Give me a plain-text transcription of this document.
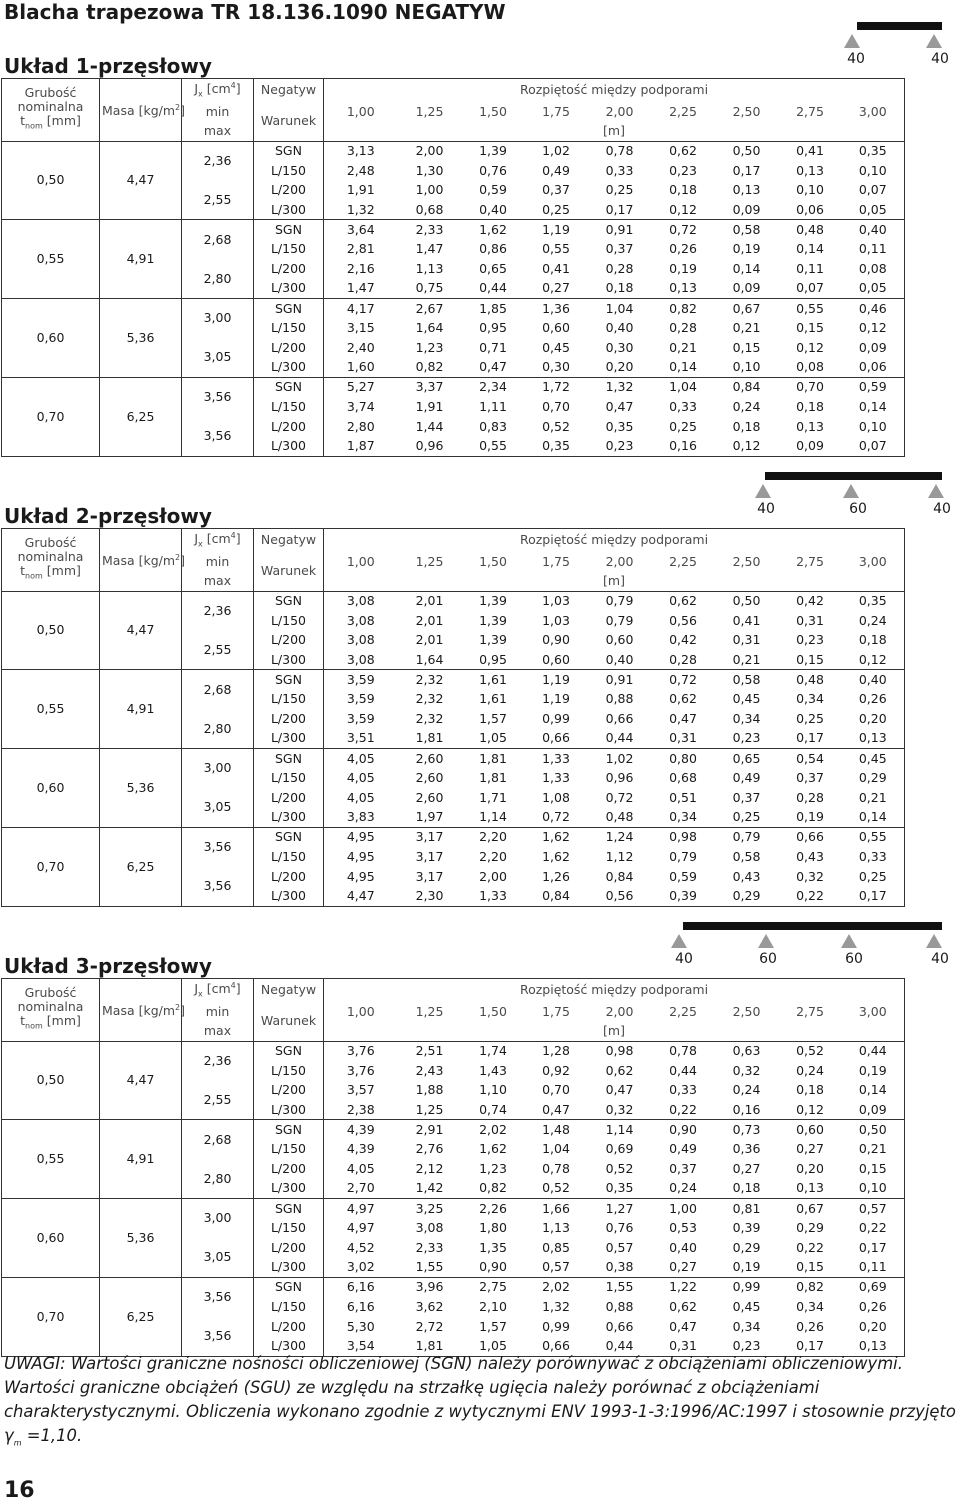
Blacha trapezowa TR 18.136.1090 NEGATYW
Układ 1-przęsłowy	40	40
Grubość
nominalna
$t_{nom}$ [mm]	Masa $[kg/m^2]$	$J_x$ $[cm^4]$	Negatyw	Rozpiętość między podporami								
		min	Warunek	1,00	1,25	1,50	1,75	2,00	2,25	2,50	2,75	3,00
		max		[m]								
0,50	4,47	2,36	SGN	3,13	2,00	1,39	1,02	0,78	0,62	0,50	0,41	0,35
			L/150	2,48	1,30	0,76	0,49	0,33	0,23	0,17	0,13	0,10
		2,55	L/200	1,91	1,00	0,59	0,37	0,25	0,18	0,13	0,10	0,07
			L/300	1,32	0,68	0,40	0,25	0,17	0,12	0,09	0,06	0,05
0,55	4,91	2,68	SGN	3,64	2,33	1,62	1,19	0,91	0,72	0,58	0,48	0,40
			L/150	2,81	1,47	0,86	0,55	0,37	0,26	0,19	0,14	0,11
		2,80	L/200	2,16	1,13	0,65	0,41	0,28	0,19	0,14	0,11	0,08
			L/300	1,47	0,75	0,44	0,27	0,18	0,13	0,09	0,07	0,05
0,60	5,36	3,00	SGN	4,17	2,67	1,85	1,36	1,04	0,82	0,67	0,55	0,46
			L/150	3,15	1,64	0,95	0,60	0,40	0,28	0,21	0,15	0,12
		3,05	L/200	2,40	1,23	0,71	0,45	0,30	0,21	0,15	0,12	0,09
			L/300	1,60	0,82	0,47	0,30	0,20	0,14	0,10	0,08	0,06
0,70	6,25	3,56	SGN	5,27	3,37	2,34	1,72	1,32	1,04	0,84	0,70	0,59
			L/150	3,74	1,91	1,11	0,70	0,47	0,33	0,24	0,18	0,14
		3,56	L/200	2,80	1,44	0,83	0,52	0,35	0,25	0,18	0,13	0,10
			L/300	1,87	0,96	0,55	0,35	0,23	0,16	0,12	0,09	0,07
Układ 2-przęsłowy	40	60	40
Grubość
nominalna
$t_{nom}$ [mm]	Masa $[kg/m^2]$	$J_x$ $[cm^4]$	Negatyw	Rozpiętość między podporami								
		min	Warunek	1,00	1,25	1,50	1,75	2,00	2,25	2,50	2,75	3,00
		max		[m]								
0,50	4,47	2,36	SGN	3,08	2,01	1,39	1,03	0,79	0,62	0,50	0,42	0,35
			L/150	3,08	2,01	1,39	1,03	0,79	0,56	0,41	0,31	0,24
		2,55	L/200	3,08	2,01	1,39	0,90	0,60	0,42	0,31	0,23	0,18
			L/300	3,08	1,64	0,95	0,60	0,40	0,28	0,21	0,15	0,12
0,55	4,91	2,68	SGN	3,59	2,32	1,61	1,19	0,91	0,72	0,58	0,48	0,40
			L/150	3,59	2,32	1,61	1,19	0,88	0,62	0,45	0,34	0,26
		2,80	L/200	3,59	2,32	1,57	0,99	0,66	0,47	0,34	0,25	0,20
			L/300	3,51	1,81	1,05	0,66	0,44	0,31	0,23	0,17	0,13
0,60	5,36	3,00	SGN	4,05	2,60	1,81	1,33	1,02	0,80	0,65	0,54	0,45
			L/150	4,05	2,60	1,81	1,33	0,96	0,68	0,49	0,37	0,29
		3,05	L/200	4,05	2,60	1,71	1,08	0,72	0,51	0,37	0,28	0,21
			L/300	3,83	1,97	1,14	0,72	0,48	0,34	0,25	0,19	0,14
0,70	6,25	3,56	SGN	4,95	3,17	2,20	1,62	1,24	0,98	0,79	0,66	0,55
			L/150	4,95	3,17	2,20	1,62	1,12	0,79	0,58	0,43	0,33
		3,56	L/200	4,95	3,17	2,00	1,26	0,84	0,59	0,43	0,32	0,25
			L/300	4,47	2,30	1,33	0,84	0,56	0,39	0,29	0,22	0,17
Układ 3-przęsłowy	40	60	60	40
Grubość
nominalna
$t_{nom}$ [mm]	Masa $[kg/m^2]$	$J_x$ $[cm^4]$	Negatyw	Rozpiętość między podporami								
		min	Warunek	1,00	1,25	1,50	1,75	2,00	2,25	2,50	2,75	3,00
		max		[m]								
0,50	4,47	2,36	SGN	3,76	2,51	1,74	1,28	0,98	0,78	0,63	0,52	0,44
			L/150	3,76	2,43	1,43	0,92	0,62	0,44	0,32	0,24	0,19
		2,55	L/200	3,57	1,88	1,10	0,70	0,47	0,33	0,24	0,18	0,14
			L/300	2,38	1,25	0,74	0,47	0,32	0,22	0,16	0,12	0,09
0,55	4,91	2,68	SGN	4,39	2,91	2,02	1,48	1,14	0,90	0,73	0,60	0,50
			L/150	4,39	2,76	1,62	1,04	0,69	0,49	0,36	0,27	0,21
		2,80	L/200	4,05	2,12	1,23	0,78	0,52	0,37	0,27	0,20	0,15
			L/300	2,70	1,42	0,82	0,52	0,35	0,24	0,18	0,13	0,10
0,60	5,36	3,00	SGN	4,97	3,25	2,26	1,66	1,27	1,00	0,81	0,67	0,57
			L/150	4,97	3,08	1,80	1,13	0,76	0,53	0,39	0,29	0,22
		3,05	L/200	4,52	2,33	1,35	0,85	0,57	0,40	0,29	0,22	0,17
			L/300	3,02	1,55	0,90	0,57	0,38	0,27	0,19	0,15	0,11
0,70	6,25	3,56	SGN	6,16	3,96	2,75	2,02	1,55	1,22	0,99	0,82	0,69
			L/150	6,16	3,62	2,10	1,32	0,88	0,62	0,45	0,34	0,26
		3,56	L/200	5,30	2,72	1,57	0,99	0,66	0,47	0,34	0,26	0,20
			L/300	3,54	1,81	1,05	0,66	0,44	0,31	0,23	0,17	0,13
UWAGI: Wartości graniczne nośności obliczeniowej (SGN) należy porównywać z obciążeniami obliczeniowymi. Wartości graniczne obciążeń (SGU) ze względu na strzałkę ugięcia należy porównać z obciążeniami charakterystycznymi. Obliczenia wykonano zgodnie z wytycznymi ENV 1993-1-3:1996/AC:1997 i stosownie przyjęto $\gamma_m =1,10$.
16
